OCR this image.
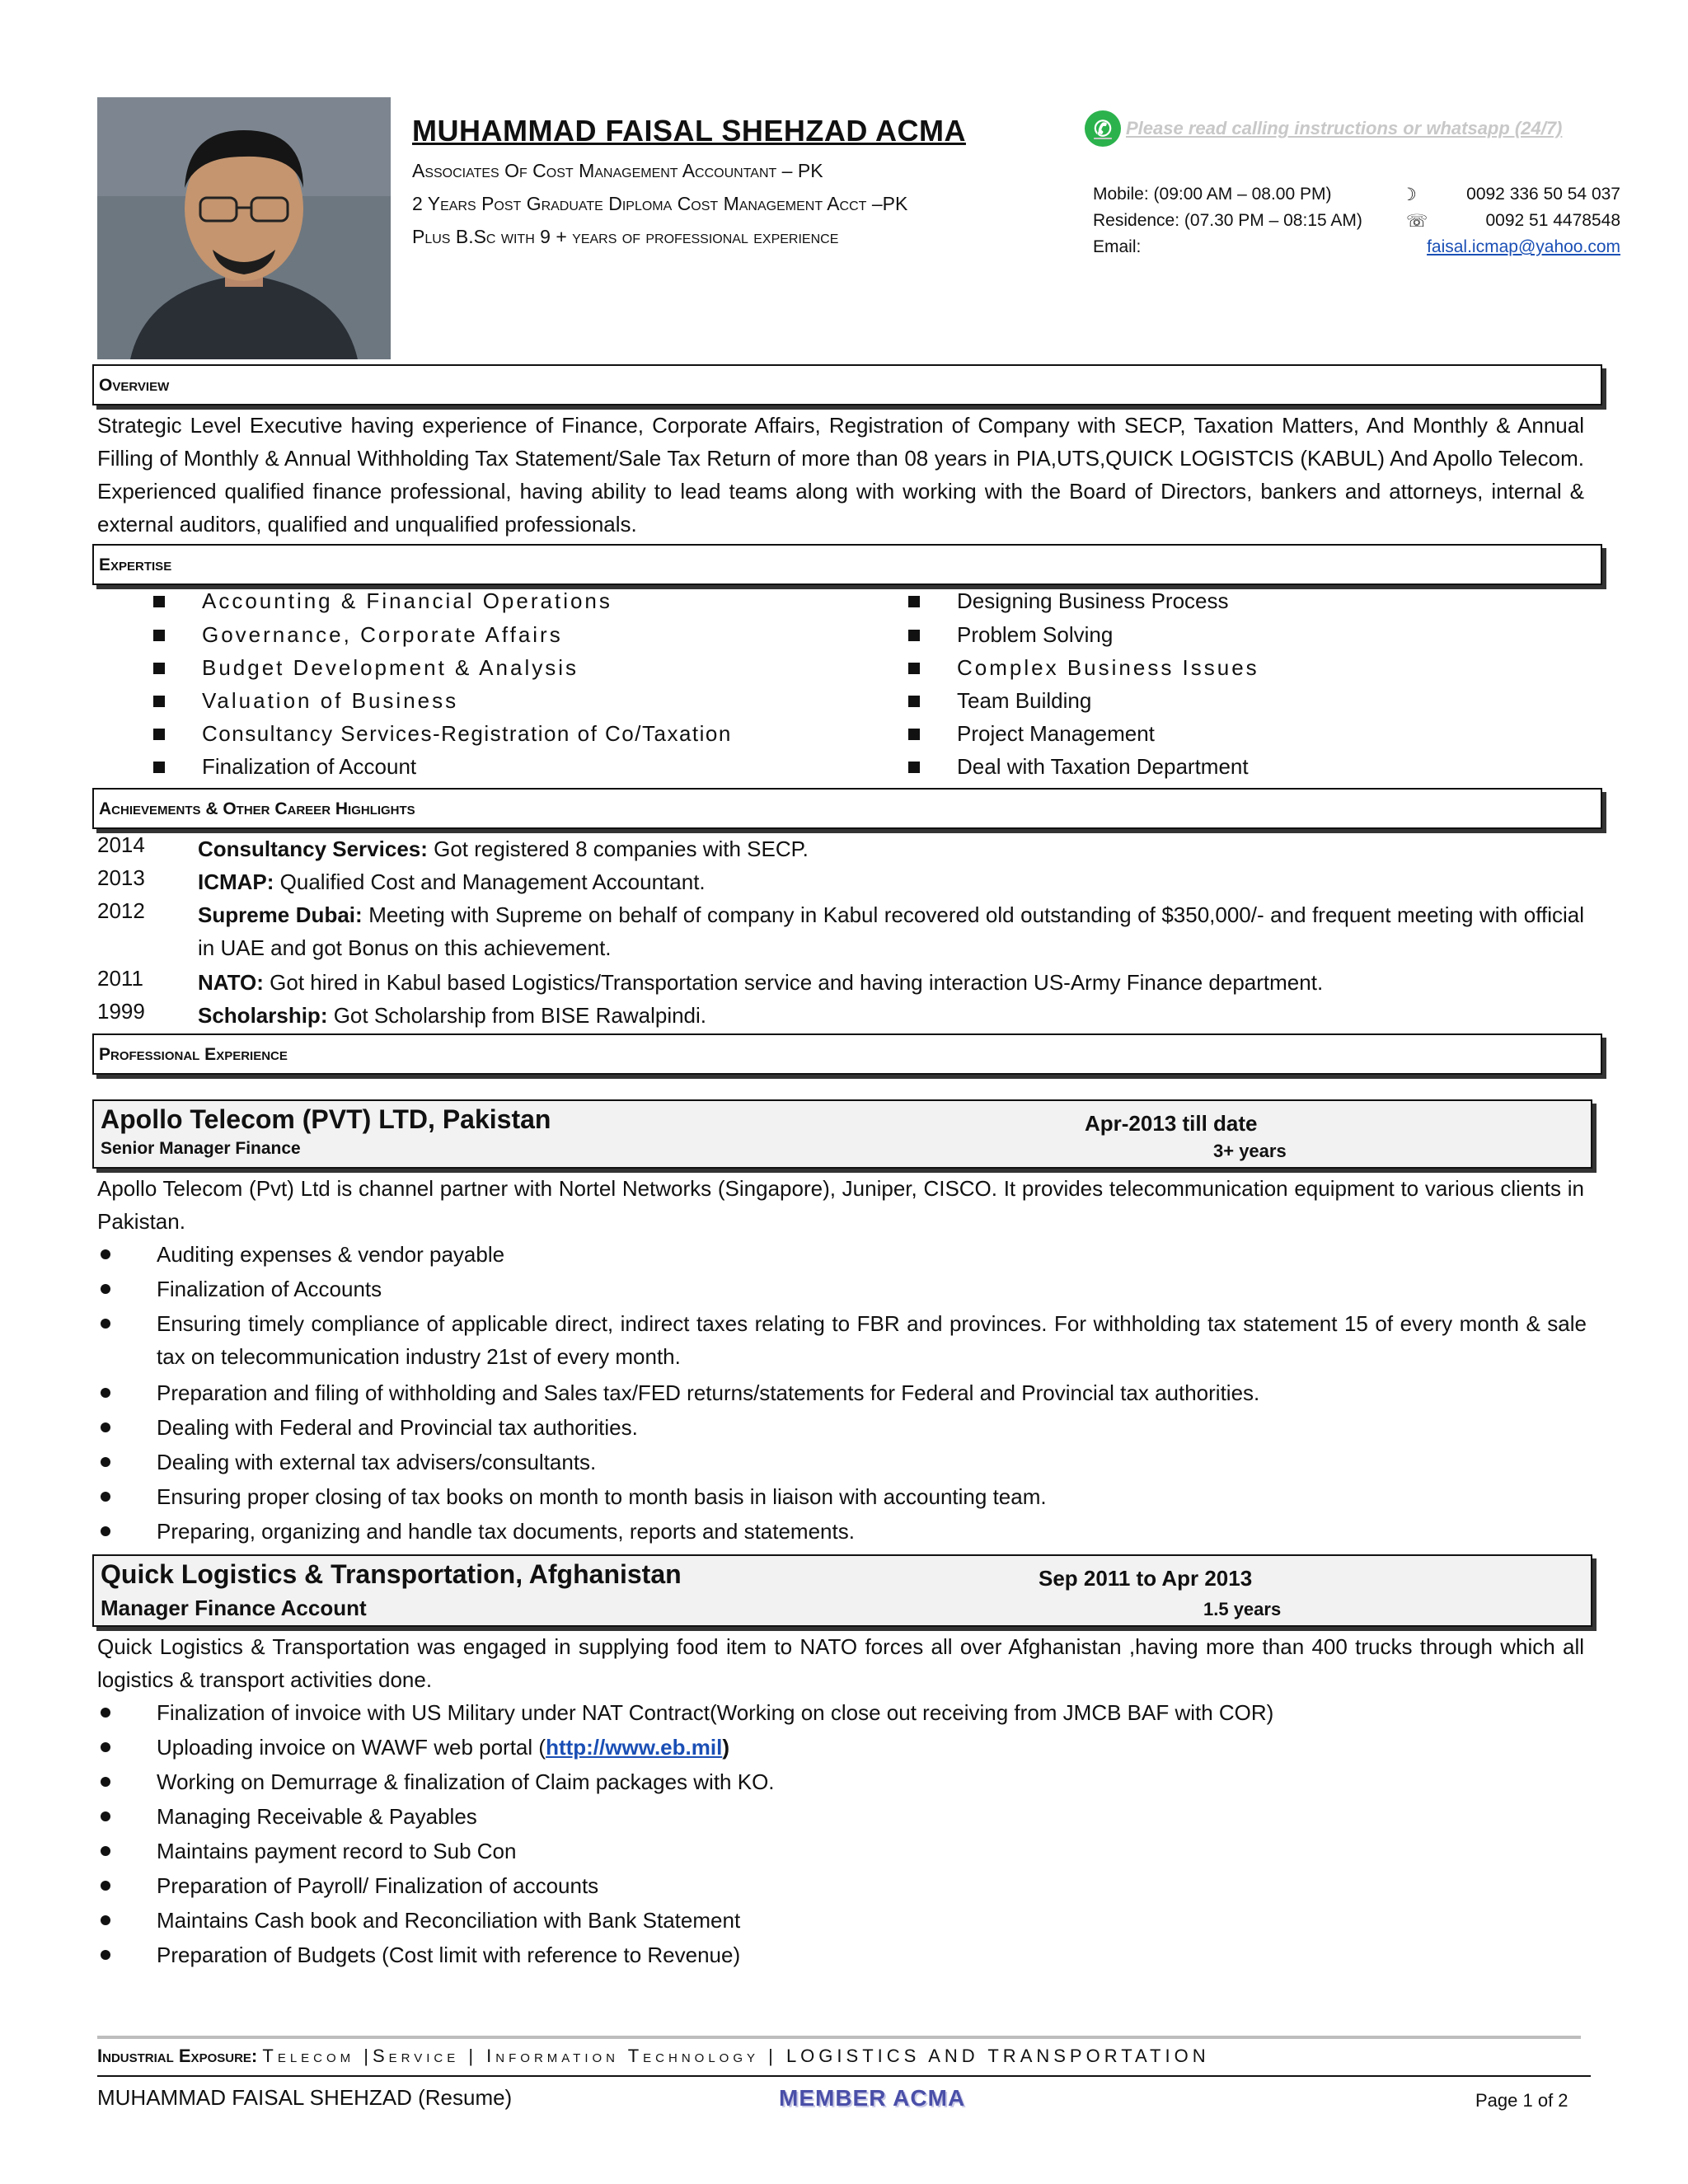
MUHAMMAD FAISAL SHEHZAD ACMA
Associates Of Cost Management Accountant – PK
2 Years Post Graduate Diploma Cost Management Acct –PK
Plus B.Sc with 9 + years of professional experience
✆ Please read calling instructions or whatsapp (24/7)
Mobile: (09:00 AM – 08.00 PM)	☽	0092 336 50 54 037
Residence: (07.30 PM – 08:15 AM)	☏	0092 51 4478548
Email:	faisal.icmap@yahoo.com
Overview
Strategic Level Executive having experience of Finance, Corporate Affairs, Registration of Company with SECP, Taxation Matters, And Monthly & Annual Filling of Monthly & Annual Withholding Tax Statement/Sale Tax Return of more than 08 years in PIA,UTS,QUICK LOGISTCIS (KABUL) And Apollo Telecom. Experienced qualified finance professional, having ability to lead teams along with working with the Board of Directors, bankers and attorneys, internal & external auditors, qualified and unqualified professionals.
Expertise
Accounting & Financial Operations
Governance, Corporate Affairs
Budget Development & Analysis
Valuation of Business
Consultancy Services-Registration of Co/Taxation
Finalization of Account
Designing Business Process
Problem Solving
Complex Business Issues
Team Building
Project Management
Deal with Taxation Department
Achievements & Other Career Highlights
2014 Consultancy Services: Got registered 8 companies with SECP.
2013 ICMAP: Qualified Cost and Management Accountant.
2012 Supreme Dubai: Meeting with Supreme on behalf of company in Kabul recovered old outstanding of $350,000/- and frequent meeting with official in UAE and got Bonus on this achievement.
2011	NATO: Got hired in Kabul based Logistics/Transportation service and having interaction US-Army Finance department.
1999 Scholarship: Got Scholarship from BISE Rawalpindi.
Professional Experience
Apollo Telecom (PVT) LTD, Pakistan
Senior Manager Finance
Apr-2013 till date
3+ years
Apollo Telecom (Pvt) Ltd is channel partner with Nortel Networks (Singapore), Juniper, CISCO. It provides telecommunication equipment to various clients in Pakistan.
Auditing expenses & vendor payable
Finalization of Accounts
Ensuring timely compliance of applicable direct, indirect taxes relating to FBR and provinces. For withholding tax statement 15 of every month & sale tax on telecommunication industry 21st of every month.
Preparation and filing of withholding and Sales tax/FED returns/statements for Federal and Provincial tax authorities.
Dealing with Federal and Provincial tax authorities.
Dealing with external tax advisers/consultants.
Ensuring proper closing of tax books on month to month basis in liaison with accounting team.
Preparing, organizing and handle tax documents, reports and statements.
Quick Logistics & Transportation, Afghanistan
Manager Finance Account
Sep 2011 to Apr 2013
1.5 years
Quick Logistics & Transportation was engaged in supplying food item to NATO forces all over Afghanistan ,having more than 400 trucks through which all logistics & transport activities done.
Finalization of invoice with US Military under NAT Contract(Working on close out receiving from JMCB BAF with COR)
Uploading invoice on WAWF web portal (http://www.eb.mil)
Working on Demurrage & finalization of Claim packages with KO.
Managing Receivable & Payables
Maintains payment record to Sub Con
Preparation of Payroll/ Finalization of accounts
Maintains Cash book and Reconciliation with Bank Statement
Preparation of Budgets (Cost limit with reference to Revenue)
Industrial Exposure: Telecom |Service | Information Technology | LOGISTICS AND TRANSPORTATION
MUHAMMAD FAISAL SHEHZAD (Resume)	MEMBER ACMA	Page 1 of 2
